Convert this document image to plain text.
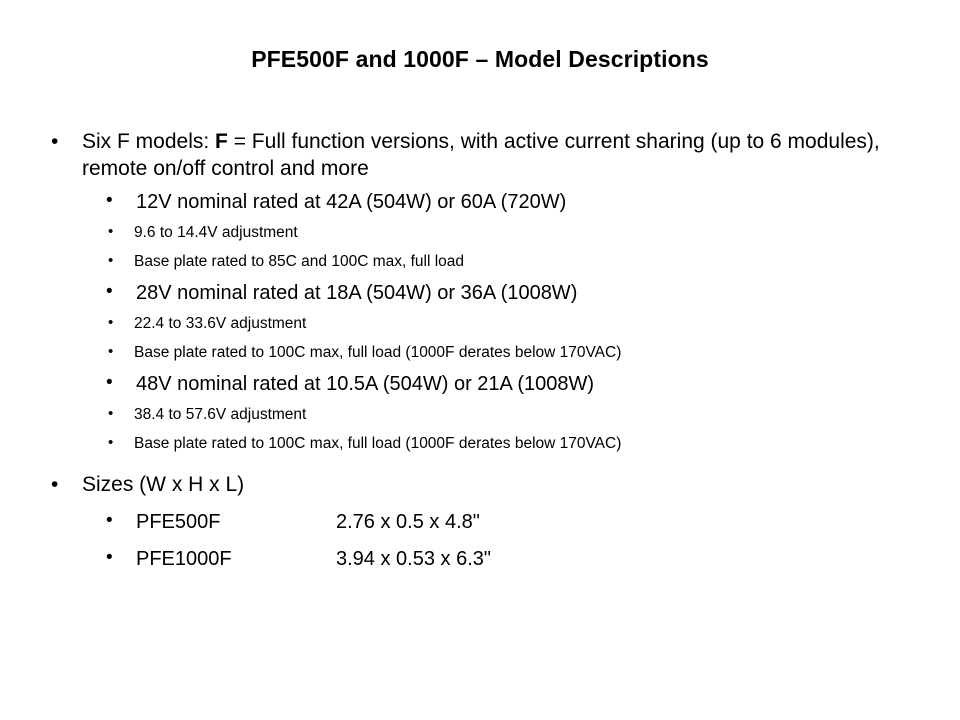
PFE500F and 1000F – Model Descriptions
• Six F models: F = Full function versions, with active current sharing (up to 6 modules), remote on/off control and more
• 12V nominal rated at 42A (504W) or 60A (720W)
• 9.6 to 14.4V adjustment
• Base plate rated to 85C and 100C max, full load
• 28V nominal rated at 18A (504W) or 36A (1008W)
• 22.4 to 33.6V adjustment
• Base plate rated to 100C max, full load (1000F derates below 170VAC)
• 48V nominal rated at 10.5A (504W) or 21A (1008W)
• 38.4 to 57.6V adjustment
• Base plate rated to 100C max, full load (1000F derates below 170VAC)
• Sizes (W x H x L)
• PFE500F	2.76 x 0.5 x 4.8"
• PFE1000F	3.94 x 0.53 x 6.3"
